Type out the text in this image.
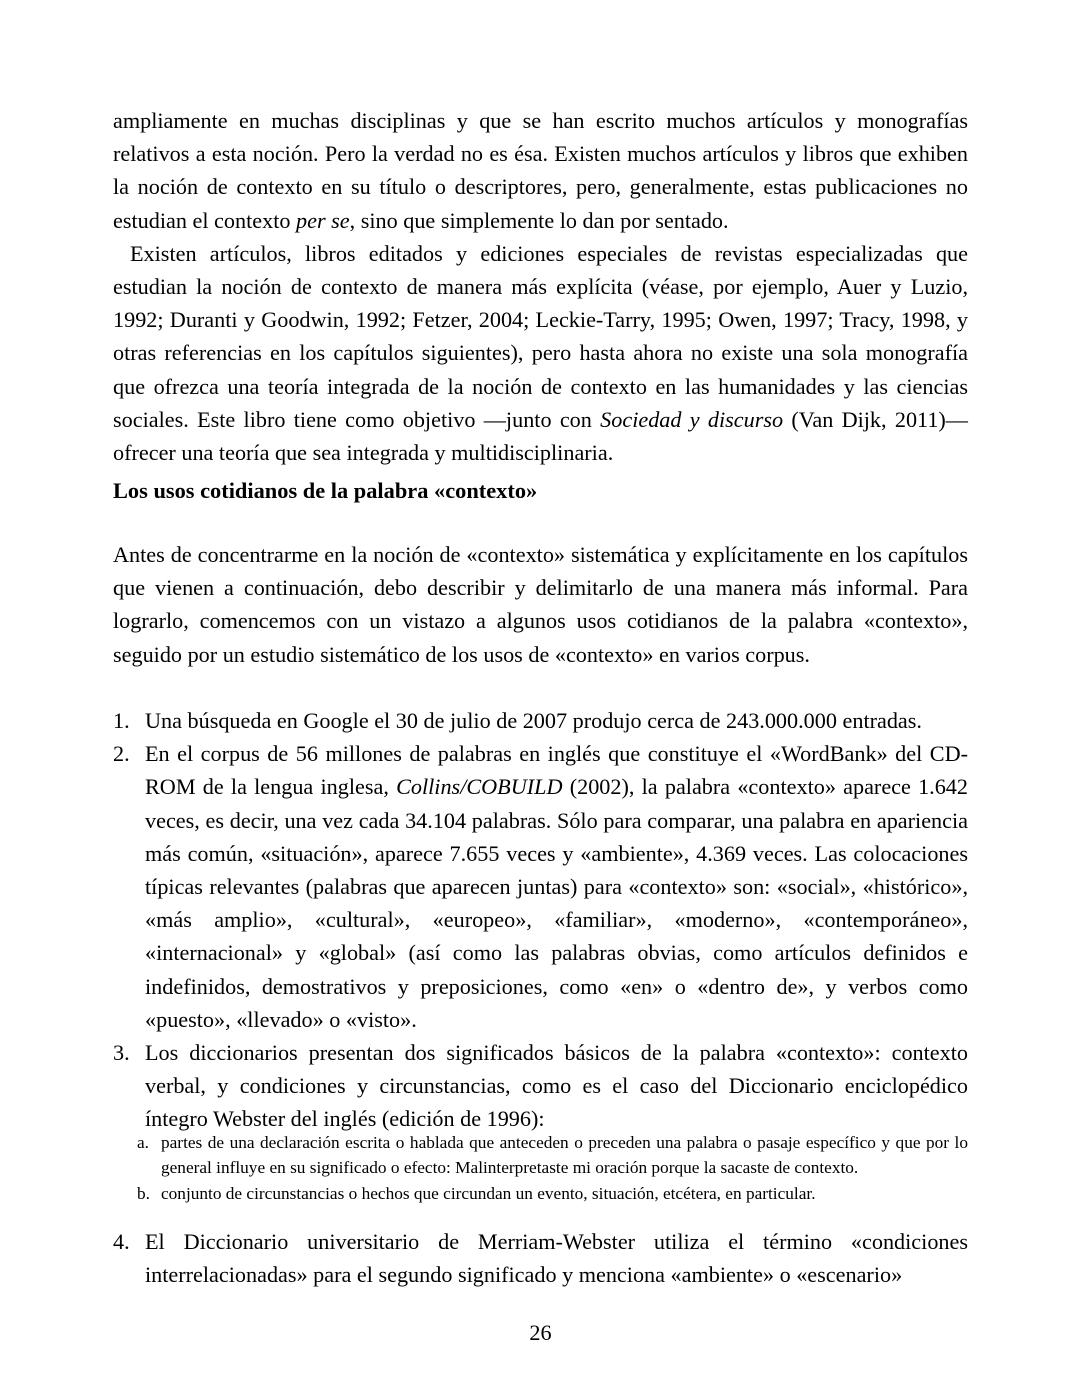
ampliamente en muchas disciplinas y que se han escrito muchos artículos y monografías relativos a esta noción. Pero la verdad no es ésa. Existen muchos artículos y libros que exhiben la noción de contexto en su título o descriptores, pero, generalmente, estas publicaciones no estudian el contexto per se, sino que simplemente lo dan por sentado.

Existen artículos, libros editados y ediciones especiales de revistas especializadas que estudian la noción de contexto de manera más explícita (véase, por ejemplo, Auer y Luzio, 1992; Duranti y Goodwin, 1992; Fetzer, 2004; Leckie-Tarry, 1995; Owen, 1997; Tracy, 1998, y otras referencias en los capítulos siguientes), pero hasta ahora no existe una sola monografía que ofrezca una teoría integrada de la noción de contexto en las humanidades y las ciencias sociales. Este libro tiene como objetivo —junto con Sociedad y discurso (Van Dijk, 2011)— ofrecer una teoría que sea integrada y multidisciplinaria.

Los usos cotidianos de la palabra «contexto»

Antes de concentrarme en la noción de «contexto» sistemática y explícitamente en los capítulos que vienen a continuación, debo describir y delimitarlo de una manera más informal. Para lograrlo, comencemos con un vistazo a algunos usos cotidianos de la palabra «contexto», seguido por un estudio sistemático de los usos de «contexto» en varios corpus.

1. Una búsqueda en Google el 30 de julio de 2007 produjo cerca de 243.000.000 entradas.
2. En el corpus de 56 millones de palabras en inglés que constituye el «WordBank» del CD-ROM de la lengua inglesa, Collins/COBUILD (2002), la palabra «contexto» aparece 1.642 veces, es decir, una vez cada 34.104 palabras. Sólo para comparar, una palabra en apariencia más común, «situación», aparece 7.655 veces y «ambiente», 4.369 veces. Las colocaciones típicas relevantes (palabras que aparecen juntas) para «contexto» son: «social», «histórico», «más amplio», «cultural», «europeo», «familiar», «moderno», «contemporáneo», «internacional» y «global» (así como las palabras obvias, como artículos definidos e indefinidos, demostrativos y preposiciones, como «en» o «dentro de», y verbos como «puesto», «llevado» o «visto».
3. Los diccionarios presentan dos significados básicos de la palabra «contexto»: contexto verbal, y condiciones y circunstancias, como es el caso del Diccionario enciclopédico íntegro Webster del inglés (edición de 1996):
a. partes de una declaración escrita o hablada que anteceden o preceden una palabra o pasaje específico y que por lo general influye en su significado o efecto: Malinterpretaste mi oración porque la sacaste de contexto.
b. conjunto de circunstancias o hechos que circundan un evento, situación, etcétera, en particular.
4. El Diccionario universitario de Merriam-Webster utiliza el término «condiciones interrelacionadas» para el segundo significado y menciona «ambiente» o «escenario»
26
